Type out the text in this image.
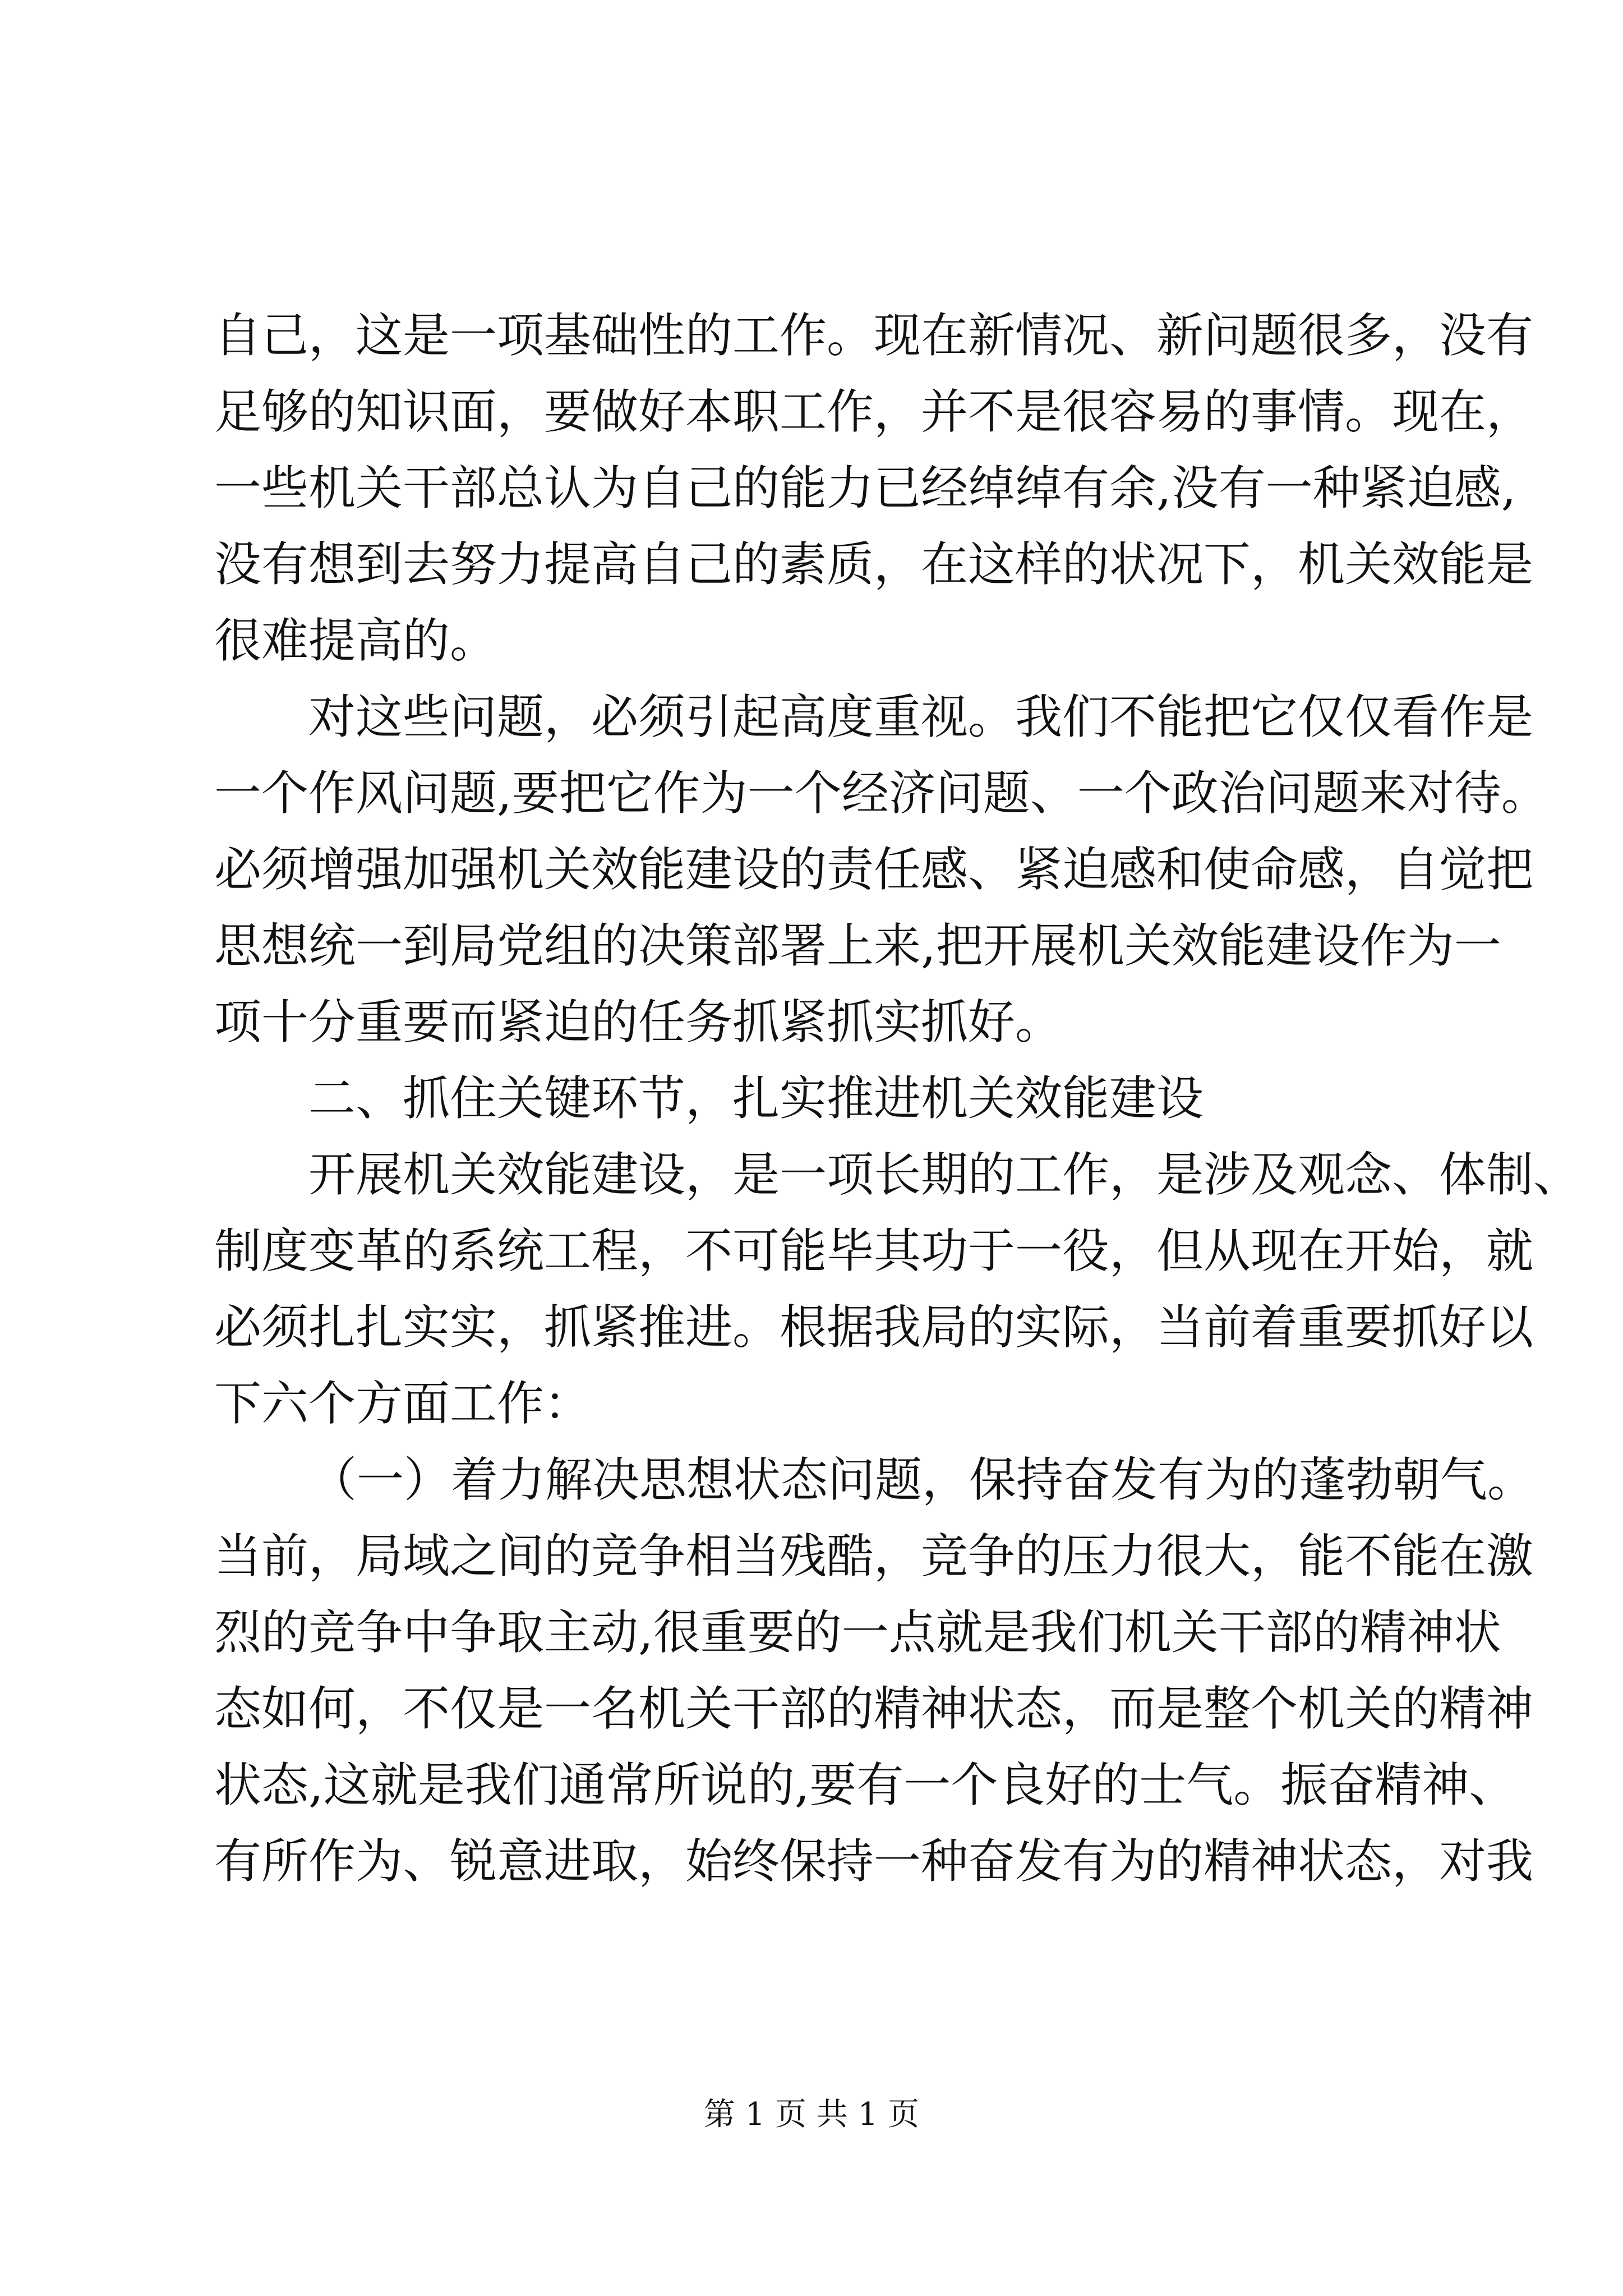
自己，这是一项基础性的工作。现在新情况、新问题很多，没有
足够的知识面，要做好本职工作，并不是很容易的事情。现在，
一些机关干部总认为自己的能力已经绰绰有余,没有一种紧迫感,
没有想到去努力提高自己的素质，在这样的状况下，机关效能是
很难提高的。
对这些问题，必须引起高度重视。我们不能把它仅仅看作是
一个作风问题,要把它作为一个经济问题、一个政治问题来对待。
必须增强加强机关效能建设的责任感、紧迫感和使命感，自觉把
思想统一到局党组的决策部署上来,把开展机关效能建设作为一
项十分重要而紧迫的任务抓紧抓实抓好。
二、抓住关键环节，扎实推进机关效能建设
开展机关效能建设，是一项长期的工作，是涉及观念、体制、
制度变革的系统工程，不可能毕其功于一役，但从现在开始，就
必须扎扎实实，抓紧推进。根据我局的实际，当前着重要抓好以
下六个方面工作：
（一）着力解决思想状态问题，保持奋发有为的蓬勃朝气。
当前，局域之间的竞争相当残酷，竞争的压力很大，能不能在激
烈的竞争中争取主动,很重要的一点就是我们机关干部的精神状
态如何，不仅是一名机关干部的精神状态，而是整个机关的精神
状态,这就是我们通常所说的,要有一个良好的士气。振奋精神、
有所作为、锐意进取，始终保持一种奋发有为的精神状态，对我
第 1 页 共 1 页
